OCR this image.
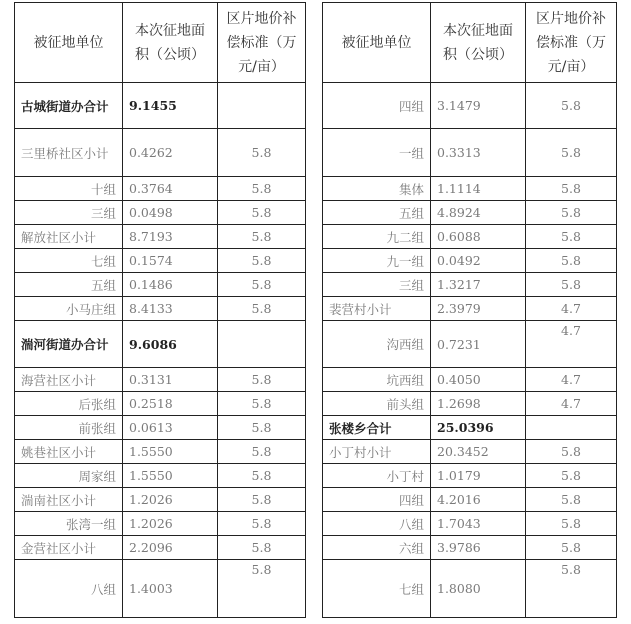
被征地单位	本次征地面积（公顷）	区片地价补偿标准（万元/亩）
古城街道办合计	9.1455	
三里桥社区小计	0.4262	5.8
十组	0.3764	5.8
三组	0.0498	5.8
解放社区小计	8.7193	5.8
七组	0.1574	5.8
五组	0.1486	5.8
小马庄组	8.4133	5.8
湍河街道办合计	9.6086	
海营社区小计	0.3131	5.8
后张组	0.2518	5.8
前张组	0.0613	5.8
姚巷社区小计	1.5550	5.8
周家组	1.5550	5.8
湍南社区小计	1.2026	5.8
张湾一组	1.2026	5.8
金营社区小计	2.2096	5.8
八组	1.4003	5.8
被征地单位	本次征地面积（公顷）	区片地价补偿标准（万元/亩）
四组	3.1479	5.8
一组	0.3313	5.8
集体	1.1114	5.8
五组	4.8924	5.8
九二组	0.6088	5.8
九一组	0.0492	5.8
三组	1.3217	5.8
裴营村小计	2.3979	4.7
沟西组	0.7231	4.7
坑西组	0.4050	4.7
前头组	1.2698	4.7
张楼乡合计	25.0396	
小丁村小计	20.3452	5.8
小丁村	1.0179	5.8
四组	4.2016	5.8
八组	1.7043	5.8
六组	3.9786	5.8
七组	1.8080	5.8
